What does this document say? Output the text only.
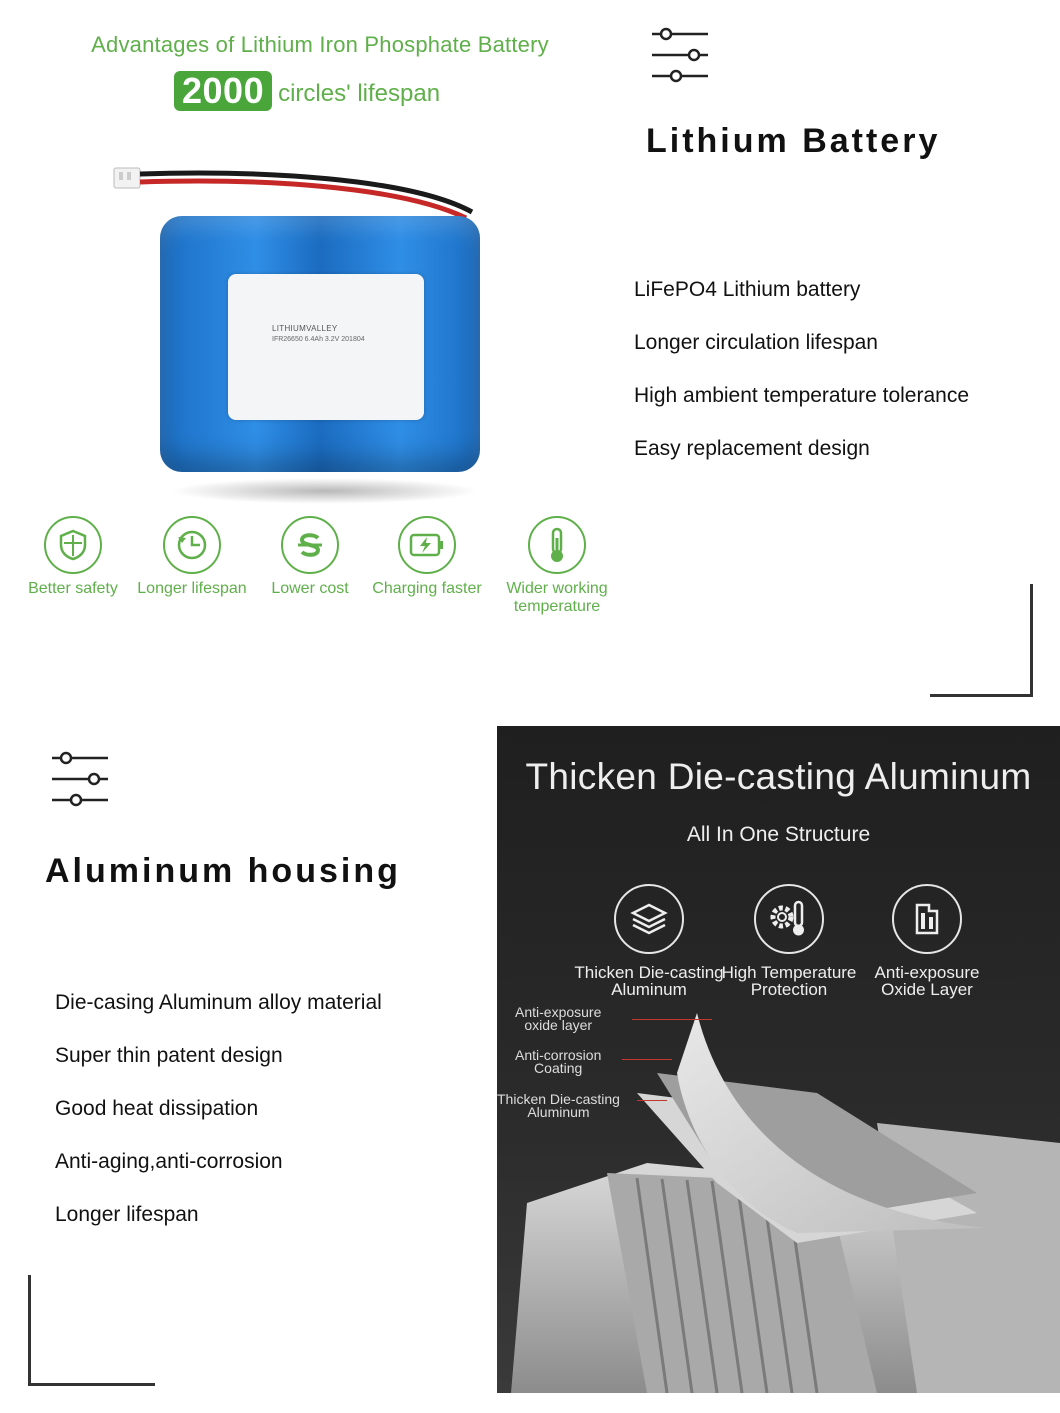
Advantages of Lithium Iron Phosphate Battery
2000 circles' lifespan
LITHIUMVALLEY
IFR26650 6.4Ah 3.2V 201804
Better safety	Longer lifespan	Lower cost	Charging faster	Wider working temperature
Lithium Battery
LiFePO4 Lithium battery
Longer circulation lifespan
High ambient temperature tolerance
Easy replacement design
Aluminum housing
Die-casing Aluminum alloy material
Super thin patent design
Good heat dissipation
Anti-aging,anti-corrosion
Longer lifespan
Thicken Die-casting Aluminum
All In One Structure
Thicken Die-casting
Aluminum
High Temperature
Protection
Anti-exposure
Oxide Layer
Anti-exposure
oxide layer
Anti-corrosion
Coating
Thicken Die-casting
Aluminum
